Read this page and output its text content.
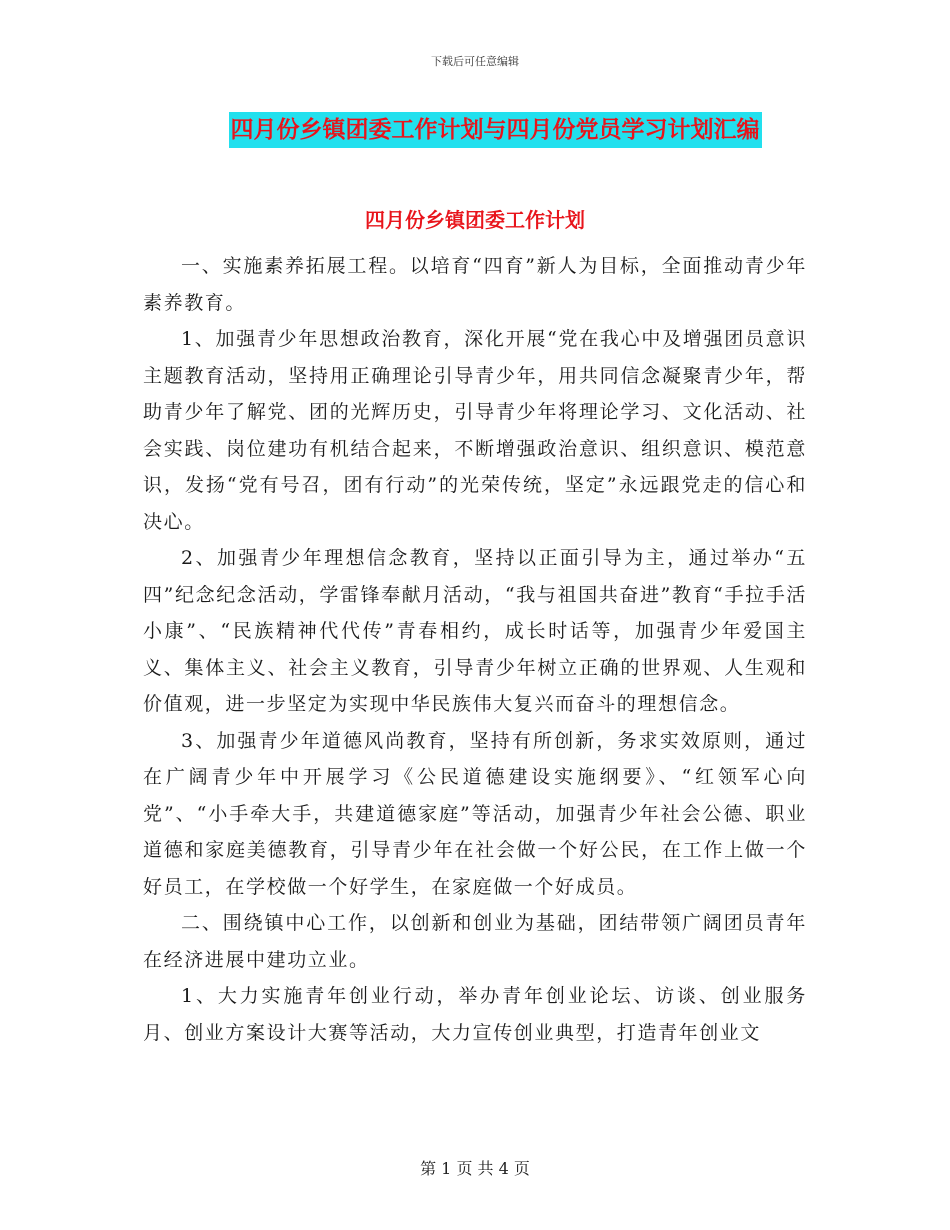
下载后可任意编辑
四月份乡镇团委工作计划与四月份党员学习计划汇编
四月份乡镇团委工作计划

一、实施素养拓展工程。以培育“四育”新人为目标，全面推动青少年素养教育。

1、加强青少年思想政治教育，深化开展“党在我心中及增强团员意识主题教育活动，坚持用正确理论引导青少年，用共同信念凝聚青少年，帮助青少年了解党、团的光辉历史，引导青少年将理论学习、文化活动、社会实践、岗位建功有机结合起来，不断增强政治意识、组织意识、模范意识，发扬“党有号召，团有行动”的光荣传统，坚定”永远跟党走的信心和决心。

2、加强青少年理想信念教育，坚持以正面引导为主，通过举办“五四”纪念纪念活动，学雷锋奉献月活动，“我与祖国共奋进”教育“手拉手活小康”、“民族精神代代传”青春相约，成长时话等，加强青少年爱国主义、集体主义、社会主义教育，引导青少年树立正确的世界观、人生观和价值观，进一步坚定为实现中华民族伟大复兴而奋斗的理想信念。

3、加强青少年道德风尚教育，坚持有所创新，务求实效原则，通过在广阔青少年中开展学习《公民道德建设实施纲要》、“红领军心向党”、“小手牵大手，共建道德家庭”等活动，加强青少年社会公德、职业道德和家庭美德教育，引导青少年在社会做一个好公民，在工作上做一个好员工，在学校做一个好学生，在家庭做一个好成员。

二、围绕镇中心工作，以创新和创业为基础，团结带领广阔团员青年在经济进展中建功立业。

1、大力实施青年创业行动，举办青年创业论坛、访谈、创业服务月、创业方案设计大赛等活动，大力宣传创业典型，打造青年创业文

第 1 页 共 4 页
